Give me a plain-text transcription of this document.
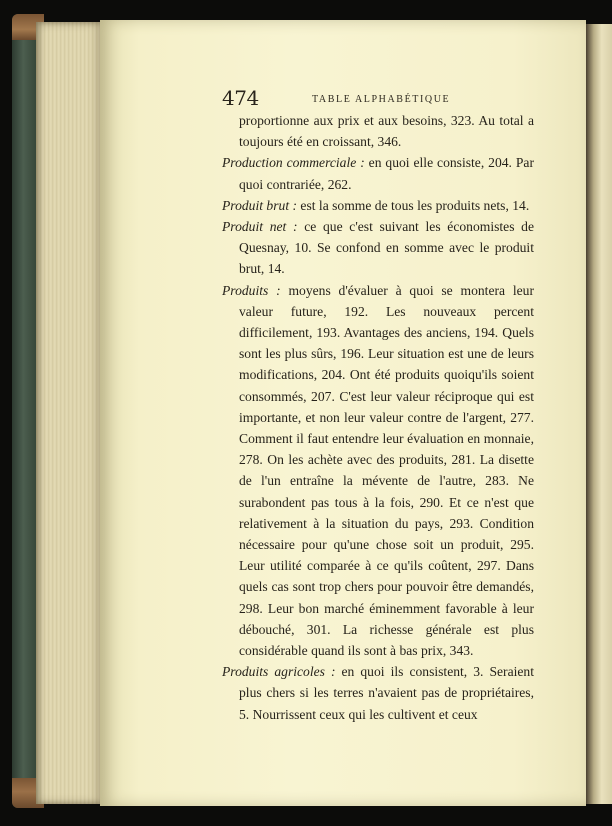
474	TABLE ALPHABÉTIQUE

proportionne aux prix et aux besoins, 323. Au total a toujours été en croissant, 346.

Production commerciale : en quoi elle consiste, 204. Par quoi contrariée, 262.

Produit brut : est la somme de tous les produits nets, 14.

Produit net : ce que c'est suivant les économistes de Quesnay, 10. Se confond en somme avec le produit brut, 14.

Produits : moyens d'évaluer à quoi se montera leur valeur future, 192. Les nouveaux percent difficilement, 193. Avantages des anciens, 194. Quels sont les plus sûrs, 196. Leur situation est une de leurs modifications, 204. Ont été produits quoiqu'ils soient consommés, 207. C'est leur valeur réciproque qui est importante, et non leur valeur contre de l'argent, 277. Comment il faut entendre leur évaluation en monnaie, 278. On les achète avec des produits, 281. La disette de l'un entraîne la mévente de l'autre, 283. Ne surabondent pas tous à la fois, 290. Et ce n'est que relativement à la situation du pays, 293. Condition nécessaire pour qu'une chose soit un produit, 295. Leur utilité comparée à ce qu'ils coûtent, 297. Dans quels cas sont trop chers pour pouvoir être demandés, 298. Leur bon marché éminemment favorable à leur débouché, 301. La richesse générale est plus considérable quand ils sont à bas prix, 343.

Produits agricoles : en quoi ils consistent, 3. Seraient plus chers si les terres n'avaient pas de propriétaires, 5. Nourrissent ceux qui les cultivent et ceux
